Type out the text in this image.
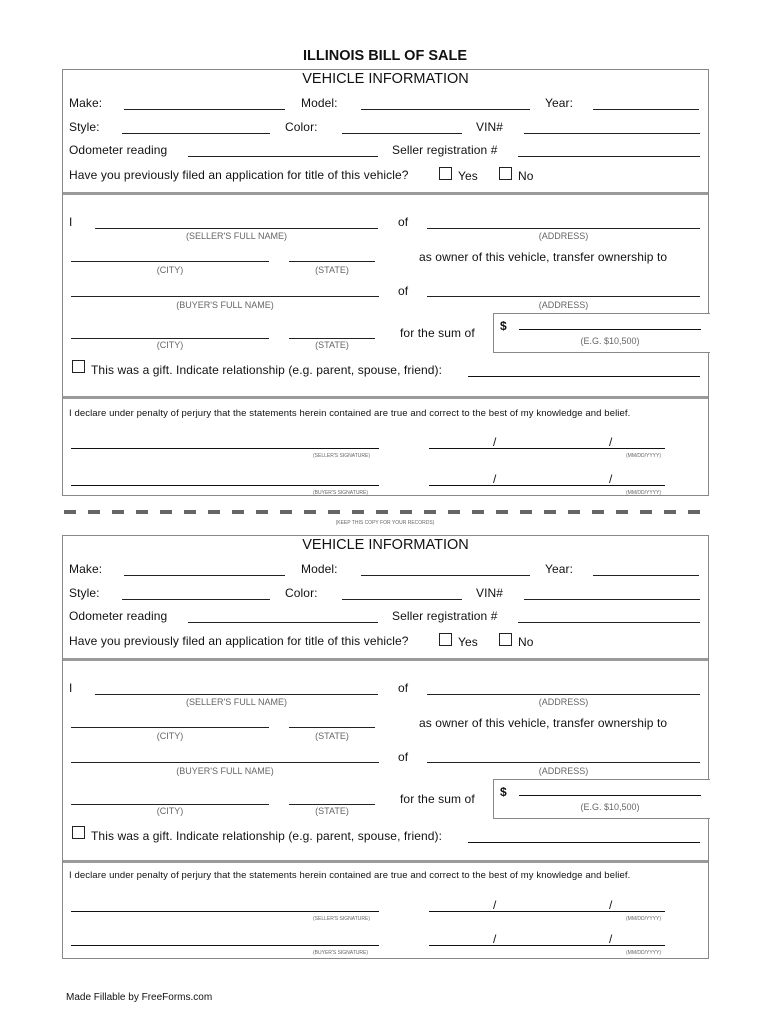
ILLINOIS BILL OF SALE
VEHICLE INFORMATION
Make:	Model:	Year:
Style:	Color:	VIN#
Odometer reading	Seller registration #
Have you previously filed an application for title of this vehicle?	Yes	No
I
(SELLER'S FULL NAME)
of
(ADDRESS)
(CITY)	(STATE)
as owner of this vehicle, transfer ownership to
(BUYER'S FULL NAME)
of
(ADDRESS)
(CITY)	(STATE)
for the sum of $
(E.G. $10,500)
This was a gift. Indicate relationship (e.g. parent, spouse, friend):
I declare under penalty of perjury that the statements herein contained are true and correct to the best of my knowledge and belief.
(SELLER'S SIGNATURE)
/	/
(MM/DD/YYYY)
(BUYER'S SIGNATURE)
/	/
(MM/DD/YYYY)
(KEEP THIS COPY FOR YOUR RECORDS)
VEHICLE INFORMATION
Make:	Model:	Year:
Style:	Color:	VIN#
Odometer reading	Seller registration #
Have you previously filed an application for title of this vehicle?	Yes	No
I
(SELLER'S FULL NAME)
of
(ADDRESS)
(CITY)	(STATE)
as owner of this vehicle, transfer ownership to
(BUYER'S FULL NAME)
of
(ADDRESS)
(CITY)	(STATE)
for the sum of $
(E.G. $10,500)
This was a gift. Indicate relationship (e.g. parent, spouse, friend):
I declare under penalty of perjury that the statements herein contained are true and correct to the best of my knowledge and belief.
(SELLER'S SIGNATURE)
/	/
(MM/DD/YYYY)
(BUYER'S SIGNATURE)
/	/
(MM/DD/YYYY)
Made Fillable by FreeForms.com
